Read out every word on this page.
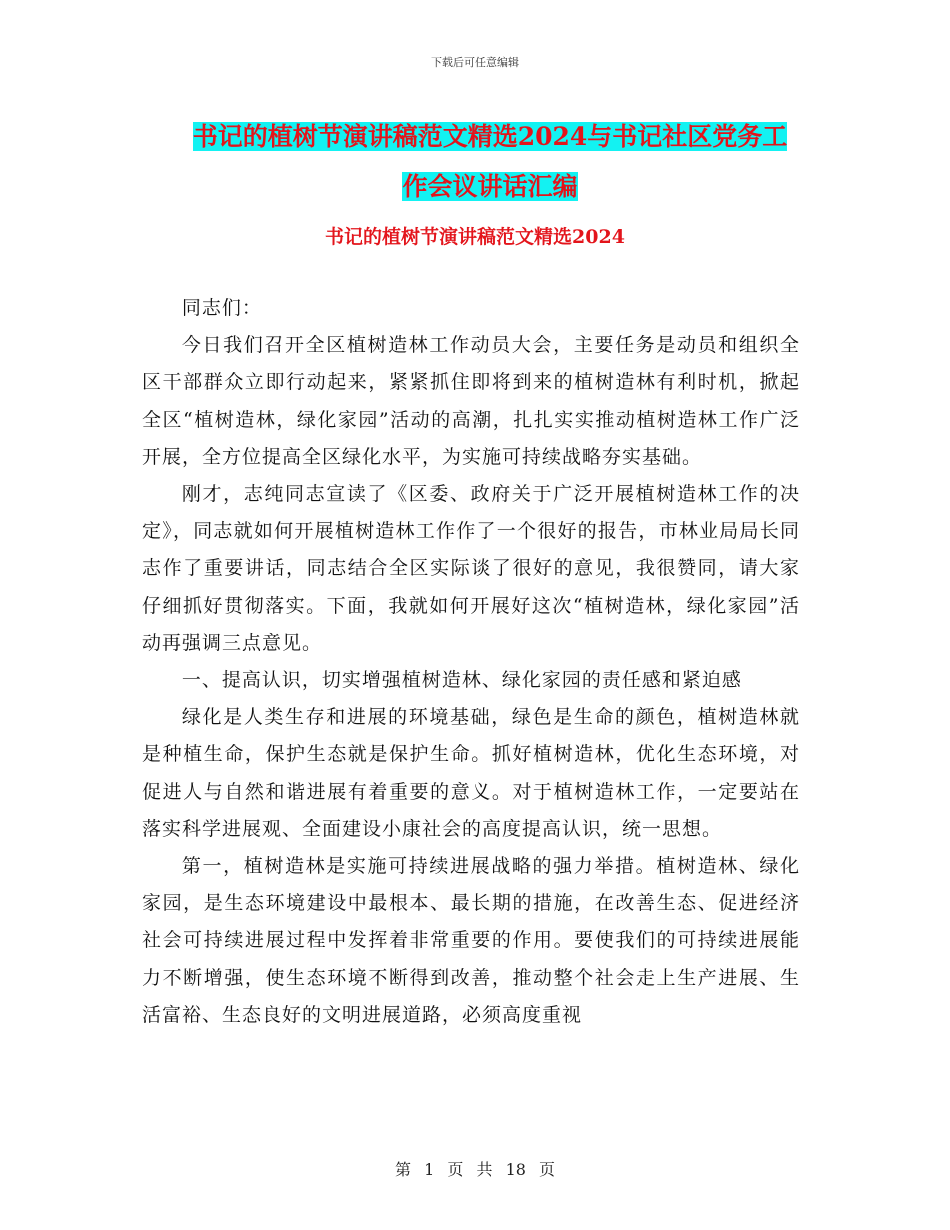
下载后可任意编辑
书记的植树节演讲稿范文精选2024与书记社区党务工
作会议讲话汇编
书记的植树节演讲稿范文精选2024

同志们：

今日我们召开全区植树造林工作动员大会，主要任务是动员和组织全区干部群众立即行动起来，紧紧抓住即将到来的植树造林有利时机，掀起全区“植树造林，绿化家园”活动的高潮，扎扎实实推动植树造林工作广泛开展，全方位提高全区绿化水平，为实施可持续战略夯实基础。

刚才，志纯同志宣读了《区委、政府关于广泛开展植树造林工作的决定》，同志就如何开展植树造林工作作了一个很好的报告，市林业局局长同志作了重要讲话，同志结合全区实际谈了很好的意见，我很赞同，请大家仔细抓好贯彻落实。下面，我就如何开展好这次“植树造林，绿化家园”活动再强调三点意见。

一、提高认识，切实增强植树造林、绿化家园的责任感和紧迫感

绿化是人类生存和进展的环境基础，绿色是生命的颜色，植树造林就是种植生命，保护生态就是保护生命。抓好植树造林，优化生态环境，对促进人与自然和谐进展有着重要的意义。对于植树造林工作，一定要站在落实科学进展观、全面建设小康社会的高度提高认识，统一思想。

第一，植树造林是实施可持续进展战略的强力举措。植树造林、绿化家园，是生态环境建设中最根本、最长期的措施，在改善生态、促进经济社会可持续进展过程中发挥着非常重要的作用。要使我们的可持续进展能力不断增强，使生态环境不断得到改善，推动整个社会走上生产进展、生活富裕、生态良好的文明进展道路，必须高度重视

第 1 页 共 18 页
